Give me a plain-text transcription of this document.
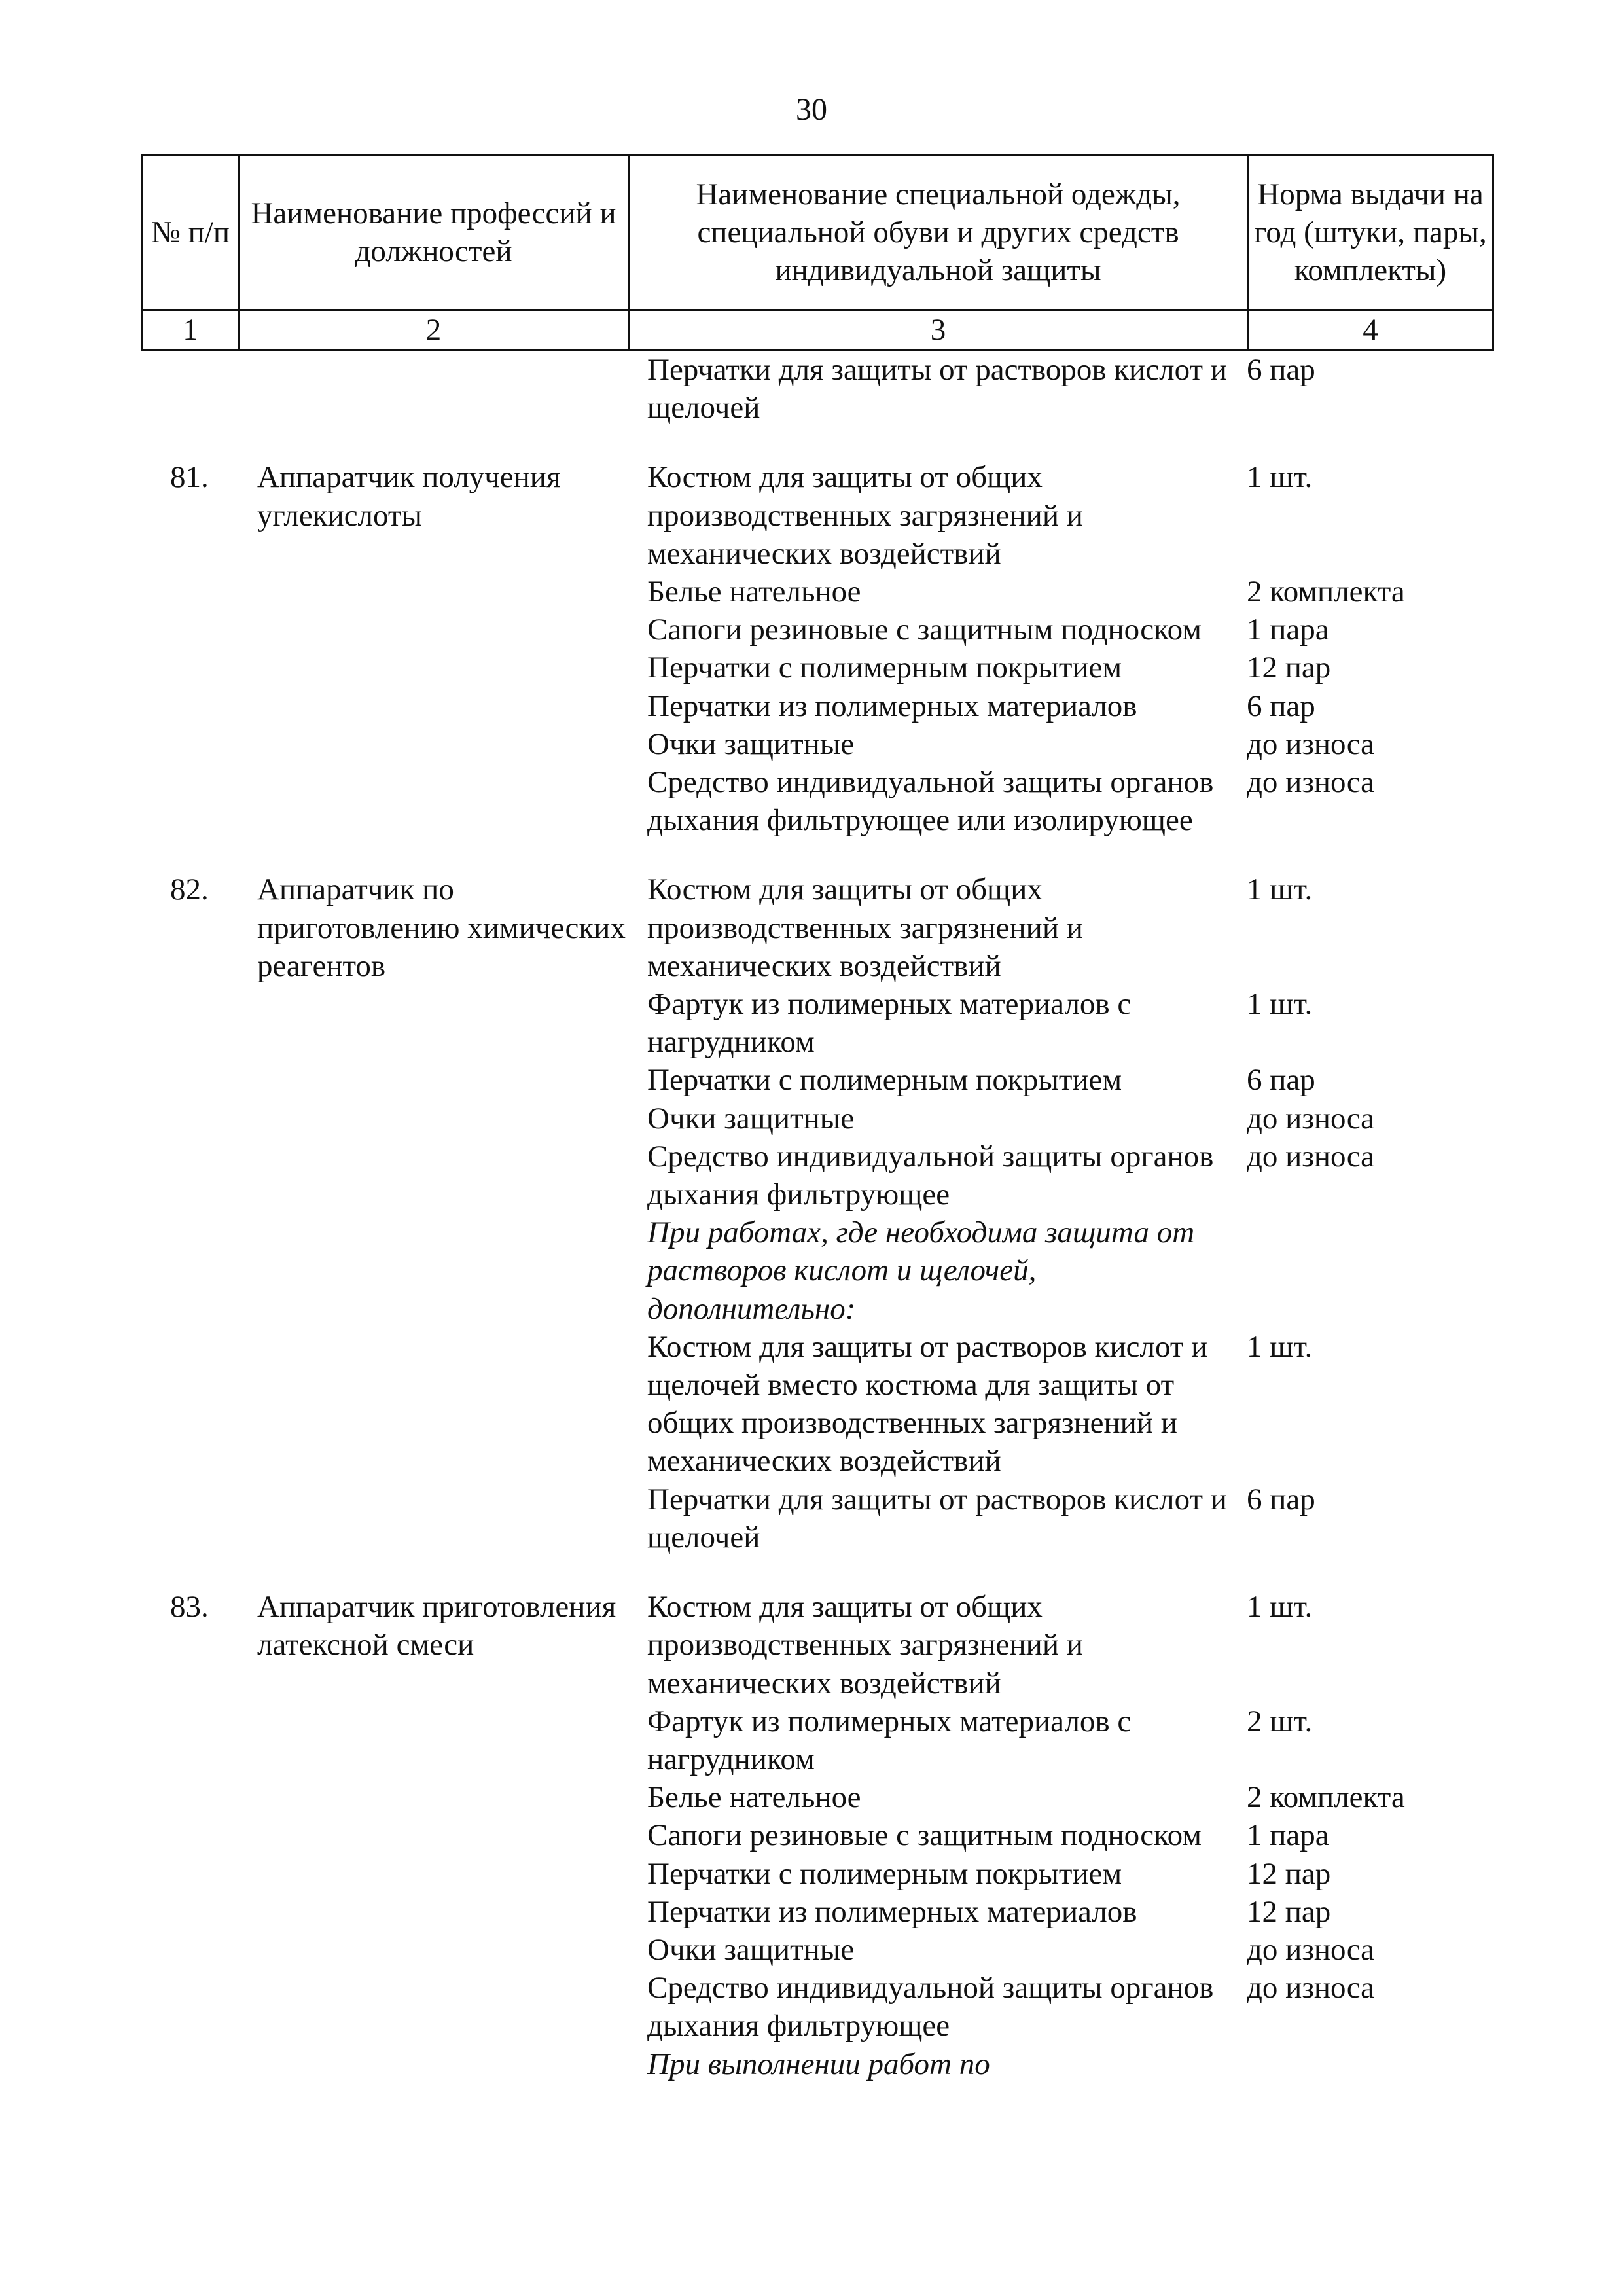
30
№ п/п	Наименование профессий и должностей	Наименование специальной одежды, специальной обуви и других средств индивидуальной защиты	Норма выдачи на год (штуки, пары, комплекты)
1	2	3	4
		Перчатки для защиты от растворов кислот и щелочей	6 пар

81.	Аппаратчик получения углекислоты	Костюм для защиты от общих производственных загрязнений и механических воздействий	1 шт.
		Белье нательное	2 комплекта
		Сапоги резиновые с защитным подноском	1 пара
		Перчатки с полимерным покрытием	12 пар
		Перчатки из полимерных материалов	6 пар
		Очки защитные	до износа
		Средство индивидуальной защиты органов дыхания фильтрующее или изолирующее	до износа

82.	Аппаратчик по приготовлению химических реагентов	Костюм для защиты от общих производственных загрязнений и механических воздействий	1 шт.
		Фартук из полимерных материалов с нагрудником	1 шт.
		Перчатки с полимерным покрытием	6 пар
		Очки защитные	до износа
		Средство индивидуальной защиты органов дыхания фильтрующее	до износа
		При работах, где необходима защита от растворов кислот и щелочей, дополнительно:	
		Костюм для защиты от растворов кислот и щелочей вместо костюма для защиты от общих производственных загрязнений и механических воздействий	1 шт.
		Перчатки для защиты от растворов кислот и щелочей	6 пар

83.	Аппаратчик приготовления латексной смеси	Костюм для защиты от общих производственных загрязнений и механических воздействий	1 шт.
		Фартук из полимерных материалов с нагрудником	2 шт.
		Белье нательное	2 комплекта
		Сапоги резиновые с защитным подноском	1 пара
		Перчатки с полимерным покрытием	12 пар
		Перчатки из полимерных материалов	12 пар
		Очки защитные	до износа
		Средство индивидуальной защиты органов дыхания фильтрующее	до износа
		При выполнении работ по	
